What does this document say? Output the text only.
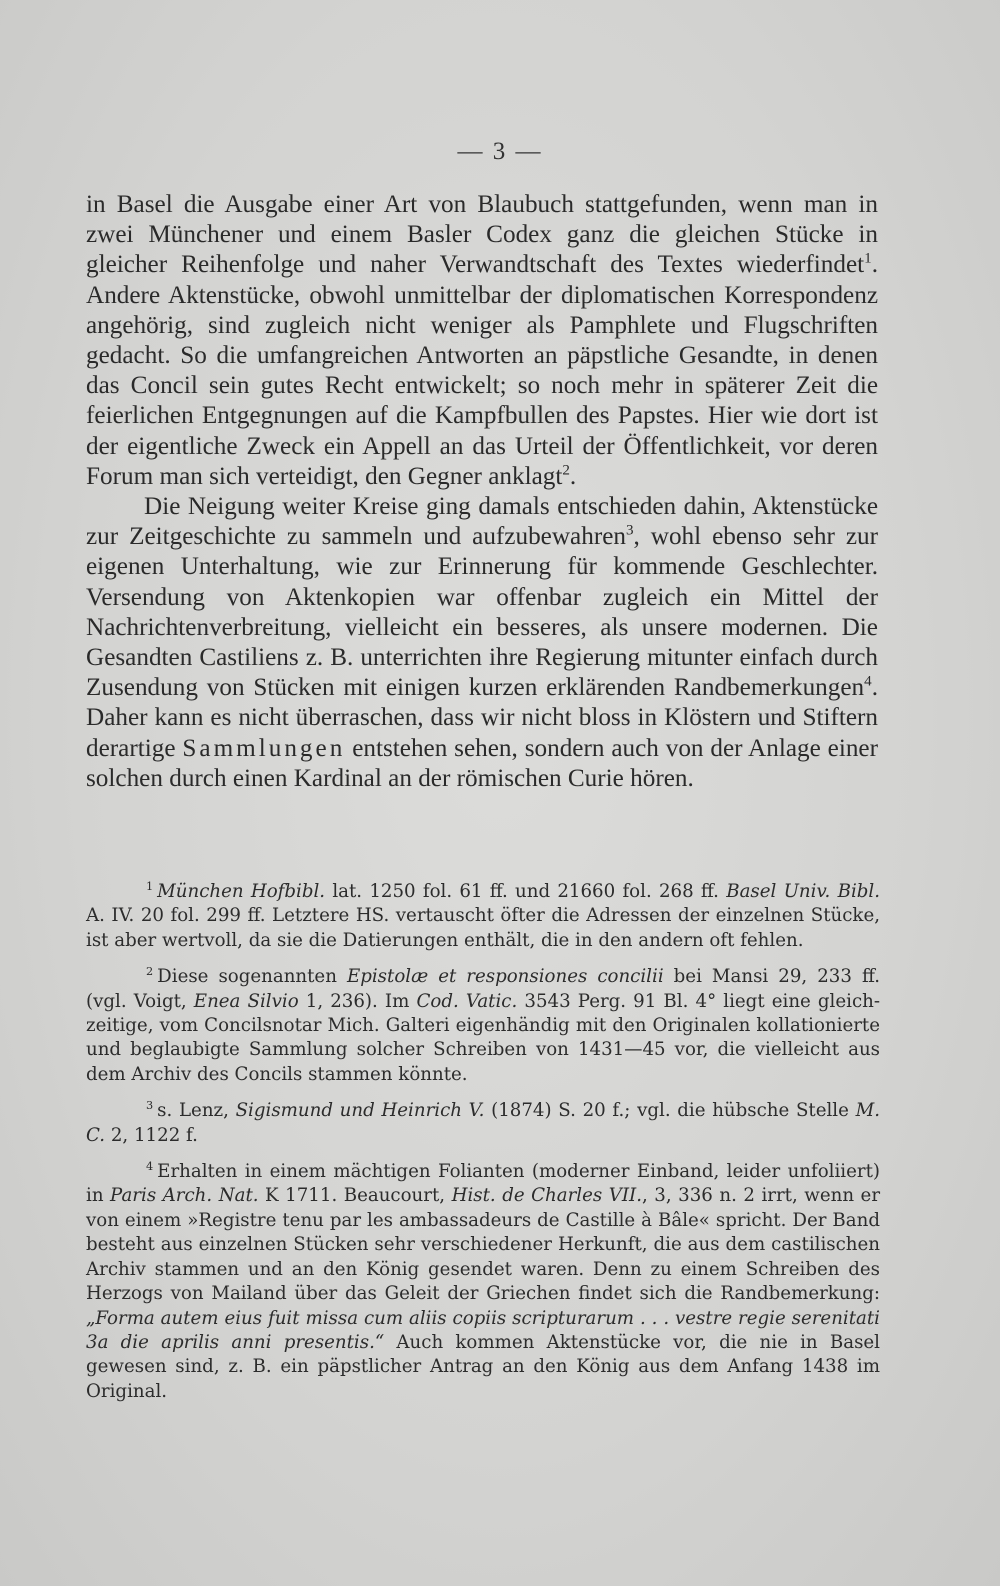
— 3 —

in Basel die Ausgabe einer Art von Blaubuch stattgefunden, wenn man in zwei Münchener und einem Basler Codex ganz die gleichen Stücke in gleicher Reihenfolge und naher Verwandtschaft des Textes wiederfindet$^1$. Andere Aktenstücke, obwohl unmittelbar der diplomatischen Korrespondenz angehörig, sind zugleich nicht weniger als Pamphlete und Flugschriften gedacht. So die umfangreichen Antworten an päpstliche Gesandte, in denen das Concil sein gutes Recht entwickelt; so noch mehr in späterer Zeit die feierlichen Entgegnungen auf die Kampfbullen des Papstes. Hier wie dort ist der eigentliche Zweck ein Appell an das Urteil der Öffentlichkeit, vor deren Forum man sich verteidigt, den Gegner anklagt$^2$.

Die Neigung weiter Kreise ging damals entschieden dahin, Aktenstücke zur Zeitgeschichte zu sammeln und aufzubewahren$^3$, wohl ebenso sehr zur eigenen Unterhaltung, wie zur Erinnerung für kommende Geschlechter. Versendung von Aktenkopien war offenbar zugleich ein Mittel der Nachrichtenverbreitung, vielleicht ein besseres, als unsere modernen. Die Gesandten Castiliens z. B. unterrichten ihre Regierung mitunter einfach durch Zusendung von Stücken mit einigen kurzen erklärenden Randbemerkungen$^4$. Daher kann es nicht überraschen, dass wir nicht bloss in Klöstern und Stiftern derartige Sammlungen entstehen sehen, sondern auch von der Anlage einer solchen durch einen Kardinal an der römischen Curie hören.

$^1$ München Hofbibl. lat. 1250 fol. 61 ff. und 21660 fol. 268 ff. Basel Univ. Bibl. A. IV. 20 fol. 299 ff. Letztere HS. vertauscht öfter die Adressen der einzelnen Stücke, ist aber wertvoll, da sie die Datierungen enthält, die in den andern oft fehlen.

$^2$ Diese sogenannten Epistolæ et responsiones concilii bei Mansi 29, 233 ff. (vgl. Voigt, Enea Silvio 1, 236). Im Cod. Vatic. 3543 Perg. 91 Bl. 4° liegt eine gleichzeitige, vom Concilsnotar Mich. Galteri eigenhändig mit den Originalen kollationierte und beglaubigte Sammlung solcher Schreiben von 1431—45 vor, die vielleicht aus dem Archiv des Concils stammen könnte.

$^3$ s. Lenz, Sigismund und Heinrich V. (1874) S. 20 f.; vgl. die hübsche Stelle M. C. 2, 1122 f.

$^4$ Erhalten in einem mächtigen Folianten (moderner Einband, leider unfoliiert) in Paris Arch. Nat. K 1711. Beaucourt, Hist. de Charles VII., 3, 336 n. 2 irrt, wenn er von einem »Registre tenu par les ambassadeurs de Castille à Bâle« spricht. Der Band besteht aus einzelnen Stücken sehr verschiedener Herkunft, die aus dem castilischen Archiv stammen und an den König gesendet waren. Denn zu einem Schreiben des Herzogs von Mailand über das Geleit der Griechen findet sich die Randbemerkung: „Forma autem eius fuit missa cum aliis copiis scripturarum . . . vestre regie serenitati 3a die aprilis anni presentis.“ Auch kommen Aktenstücke vor, die nie in Basel gewesen sind, z. B. ein päpstlicher Antrag an den König aus dem Anfang 1438 im Original.
